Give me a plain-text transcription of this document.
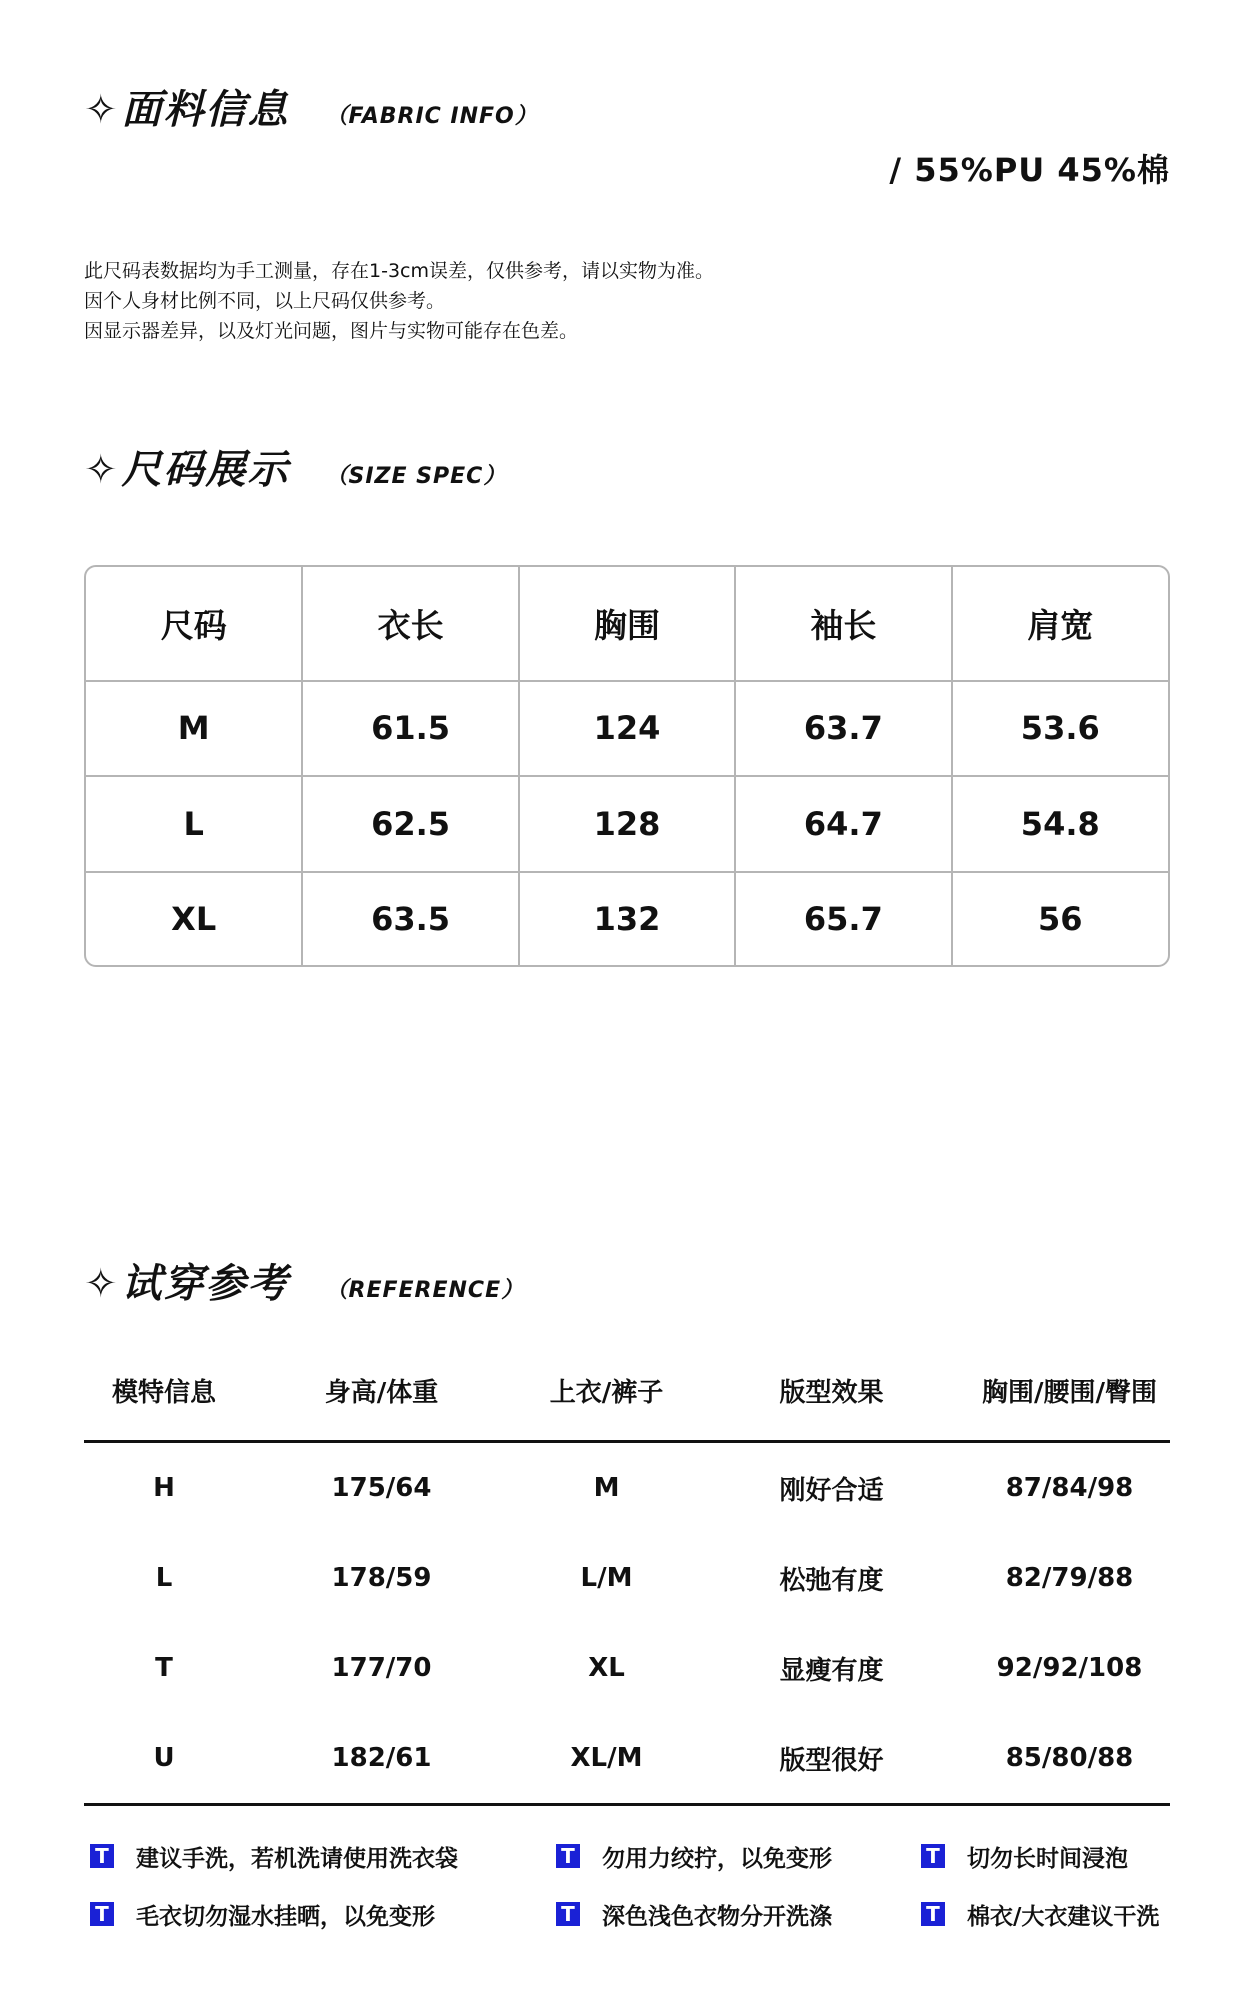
✧ 面料信息 （FABRIC INFO）
/ 55%PU 45%棉
此尺码表数据均为手工测量，存在1-3cm误差，仅供参考，请以实物为准。
因个人身材比例不同，以上尺码仅供参考。
因显示器差异，以及灯光问题，图片与实物可能存在色差。
✧ 尺码展示 （SIZE SPEC）
尺码	衣长	胸围	袖长	肩宽
M	61.5	124	63.7	53.6
L	62.5	128	64.7	54.8
XL	63.5	132	65.7	56
✧ 试穿参考 （REFERENCE）
模特信息	身高/体重	上衣/裤子	版型效果	胸围/腰围/臀围
H	175/64	M	刚好合适	87/84/98
L	178/59	L/M	松弛有度	82/79/88
T	177/70	XL	显瘦有度	92/92/108
U	182/61	XL/M	版型很好	85/80/88
T 建议手洗，若机洗请使用洗衣袋	T 勿用力绞拧，以免变形	T 切勿长时间浸泡
T 毛衣切勿湿水挂晒，以免变形	T 深色浅色衣物分开洗涤	T 棉衣/大衣建议干洗
